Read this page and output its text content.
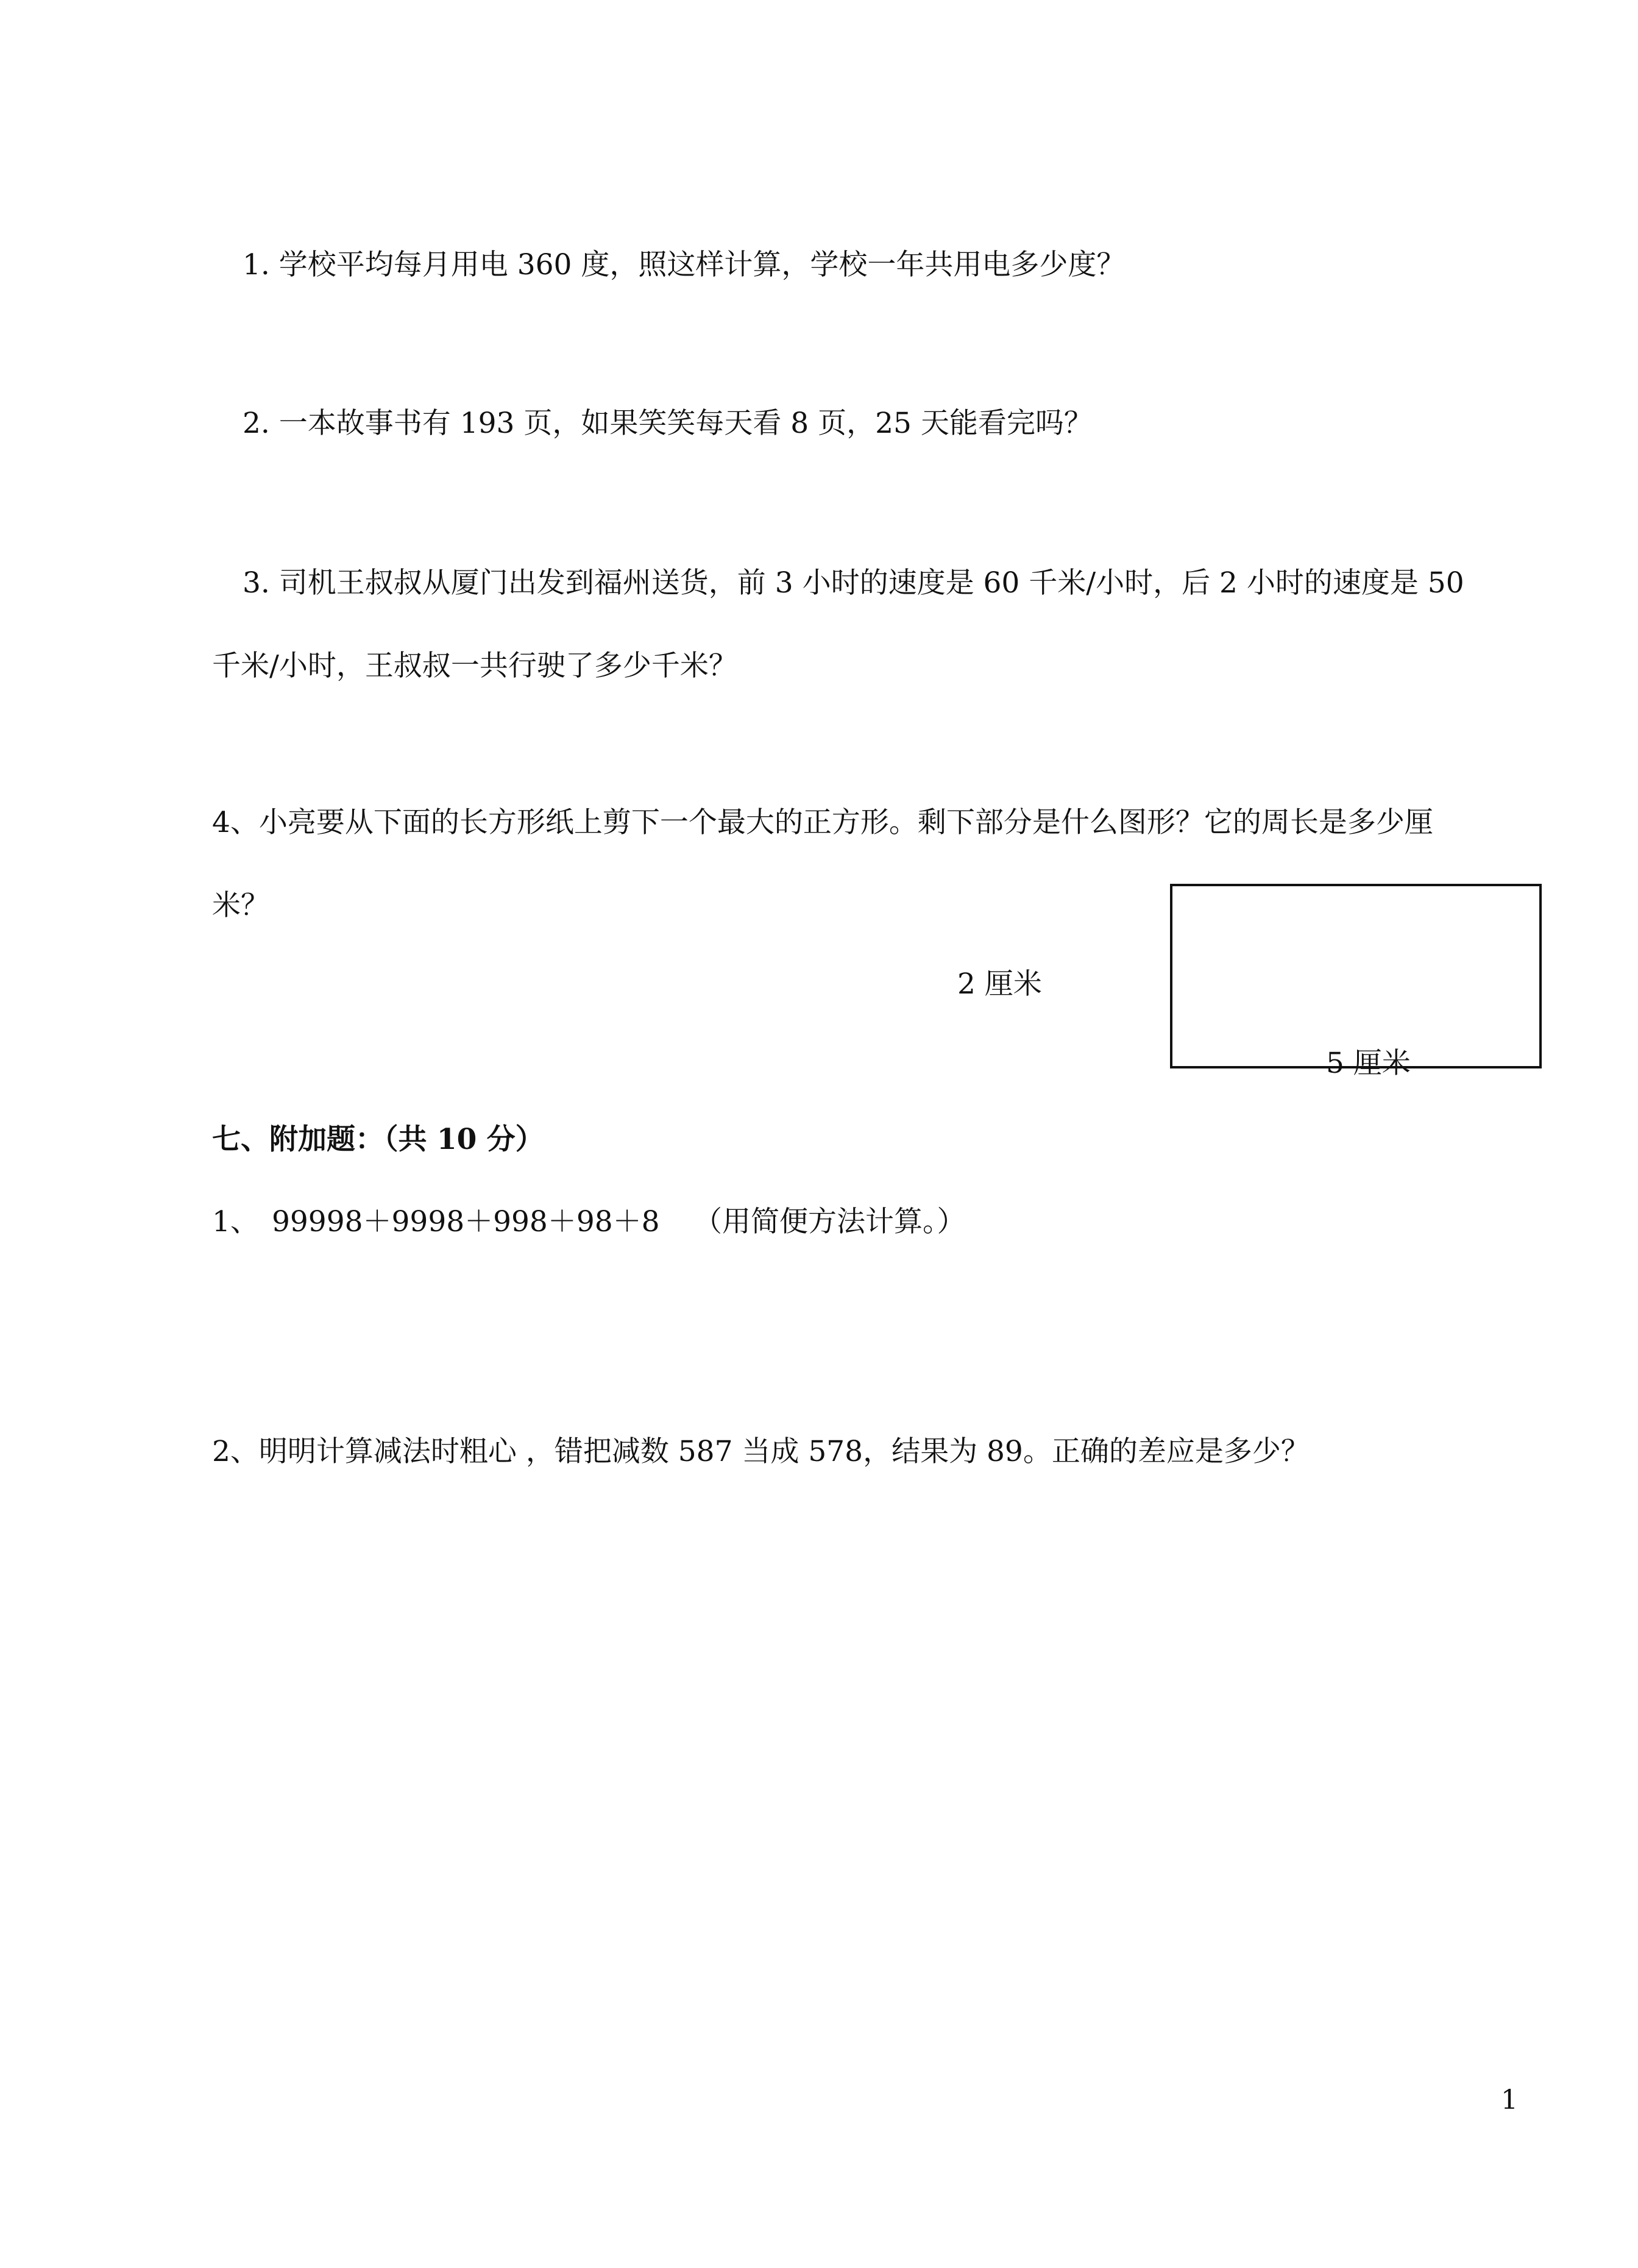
1. 学校平均每月用电 360 度，照这样计算，学校一年共用电多少度？
2. 一本故事书有 193 页，如果笑笑每天看 8 页，25 天能看完吗？
3. 司机王叔叔从厦门出发到福州送货，前 3 小时的速度是 60 千米/小时，后 2 小时的速度是 50
千米/小时，王叔叔一共行驶了多少千米？
4、小亮要从下面的长方形纸上剪下一个最大的正方形。剩下部分是什么图形？它的周长是多少厘
米？
2 厘米
5 厘米
七、附加题：（共 10 分）
1、 99998＋9998＋998＋98＋8 （用简便方法计算。）
2、明明计算减法时粗心 ，错把减数 587 当成 578，结果为 89。正确的差应是多少？
1
